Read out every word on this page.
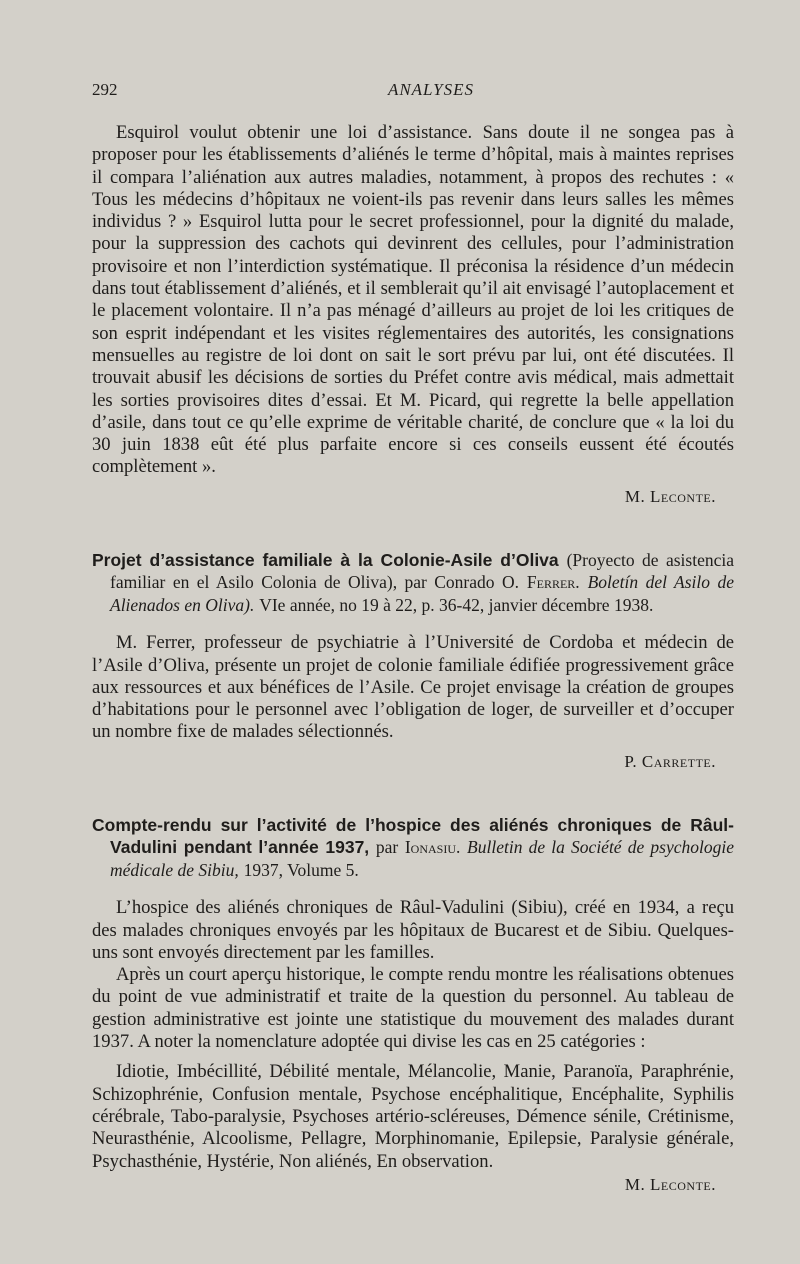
292	ANALYSES

Esquirol voulut obtenir une loi d’assistance. Sans doute il ne songea pas à proposer pour les établissements d’aliénés le terme d’hôpital, mais à maintes reprises il compara l’aliénation aux autres maladies, notamment, à propos des rechutes : « Tous les médecins d’hôpitaux ne voient-ils pas revenir dans leurs salles les mêmes individus ? » Esquirol lutta pour le secret professionnel, pour la dignité du malade, pour la suppression des cachots qui devinrent des cellules, pour l’administration provisoire et non l’interdiction systématique. Il préconisa la résidence d’un médecin dans tout établissement d’aliénés, et il semblerait qu’il ait envisagé l’autoplacement et le placement volontaire. Il n’a pas ménagé d’ailleurs au projet de loi les critiques de son esprit indépendant et les visites réglementaires des autorités, les consignations mensuelles au registre de loi dont on sait le sort prévu par lui, ont été discutées. Il trouvait abusif les décisions de sorties du Préfet contre avis médical, mais admettait les sorties provisoires dites d’essai. Et M. Picard, qui regrette la belle appellation d’asile, dans tout ce qu’elle exprime de véritable charité, de conclure que « la loi du 30 juin 1838 eût été plus parfaite encore si ces conseils eussent été écoutés complètement ».

M. Leconte.

Projet d’assistance familiale à la Colonie-Asile d’Oliva (Proyecto de asistencia familiar en el Asilo Colonia de Oliva), par Conrado O. Ferrer. Boletín del Asilo de Alienados en Oliva). VIe année, no 19 à 22, p. 36-42, janvier décembre 1938.

M. Ferrer, professeur de psychiatrie à l’Université de Cordoba et médecin de l’Asile d’Oliva, présente un projet de colonie familiale édifiée progressivement grâce aux ressources et aux bénéfices de l’Asile. Ce projet envisage la création de groupes d’habitations pour le personnel avec l’obligation de loger, de surveiller et d’occuper un nombre fixe de malades sélectionnés.

P. Carrette.

Compte-rendu sur l’activité de l’hospice des aliénés chroniques de Râul-Vadulini pendant l’année 1937, par Ionasiu. Bulletin de la Société de psychologie médicale de Sibiu, 1937, Volume 5.

L’hospice des aliénés chroniques de Râul-Vadulini (Sibiu), créé en 1934, a reçu des malades chroniques envoyés par les hôpitaux de Bucarest et de Sibiu. Quelques-uns sont envoyés directement par les familles.

Après un court aperçu historique, le compte rendu montre les réalisations obtenues du point de vue administratif et traite de la question du personnel. Au tableau de gestion administrative est jointe une statistique du mouvement des malades durant 1937. A noter la nomenclature adoptée qui divise les cas en 25 catégories :

Idiotie, Imbécillité, Débilité mentale, Mélancolie, Manie, Paranoïa, Paraphrénie, Schizophrénie, Confusion mentale, Psychose encéphalitique, Encéphalite, Syphilis cérébrale, Tabo-paralysie, Psychoses artério-scléreuses, Démence sénile, Crétinisme, Neurasthénie, Alcoolisme, Pellagre, Morphinomanie, Epilepsie, Paralysie générale, Psychasthénie, Hystérie, Non aliénés, En observation.

M. Leconte.
